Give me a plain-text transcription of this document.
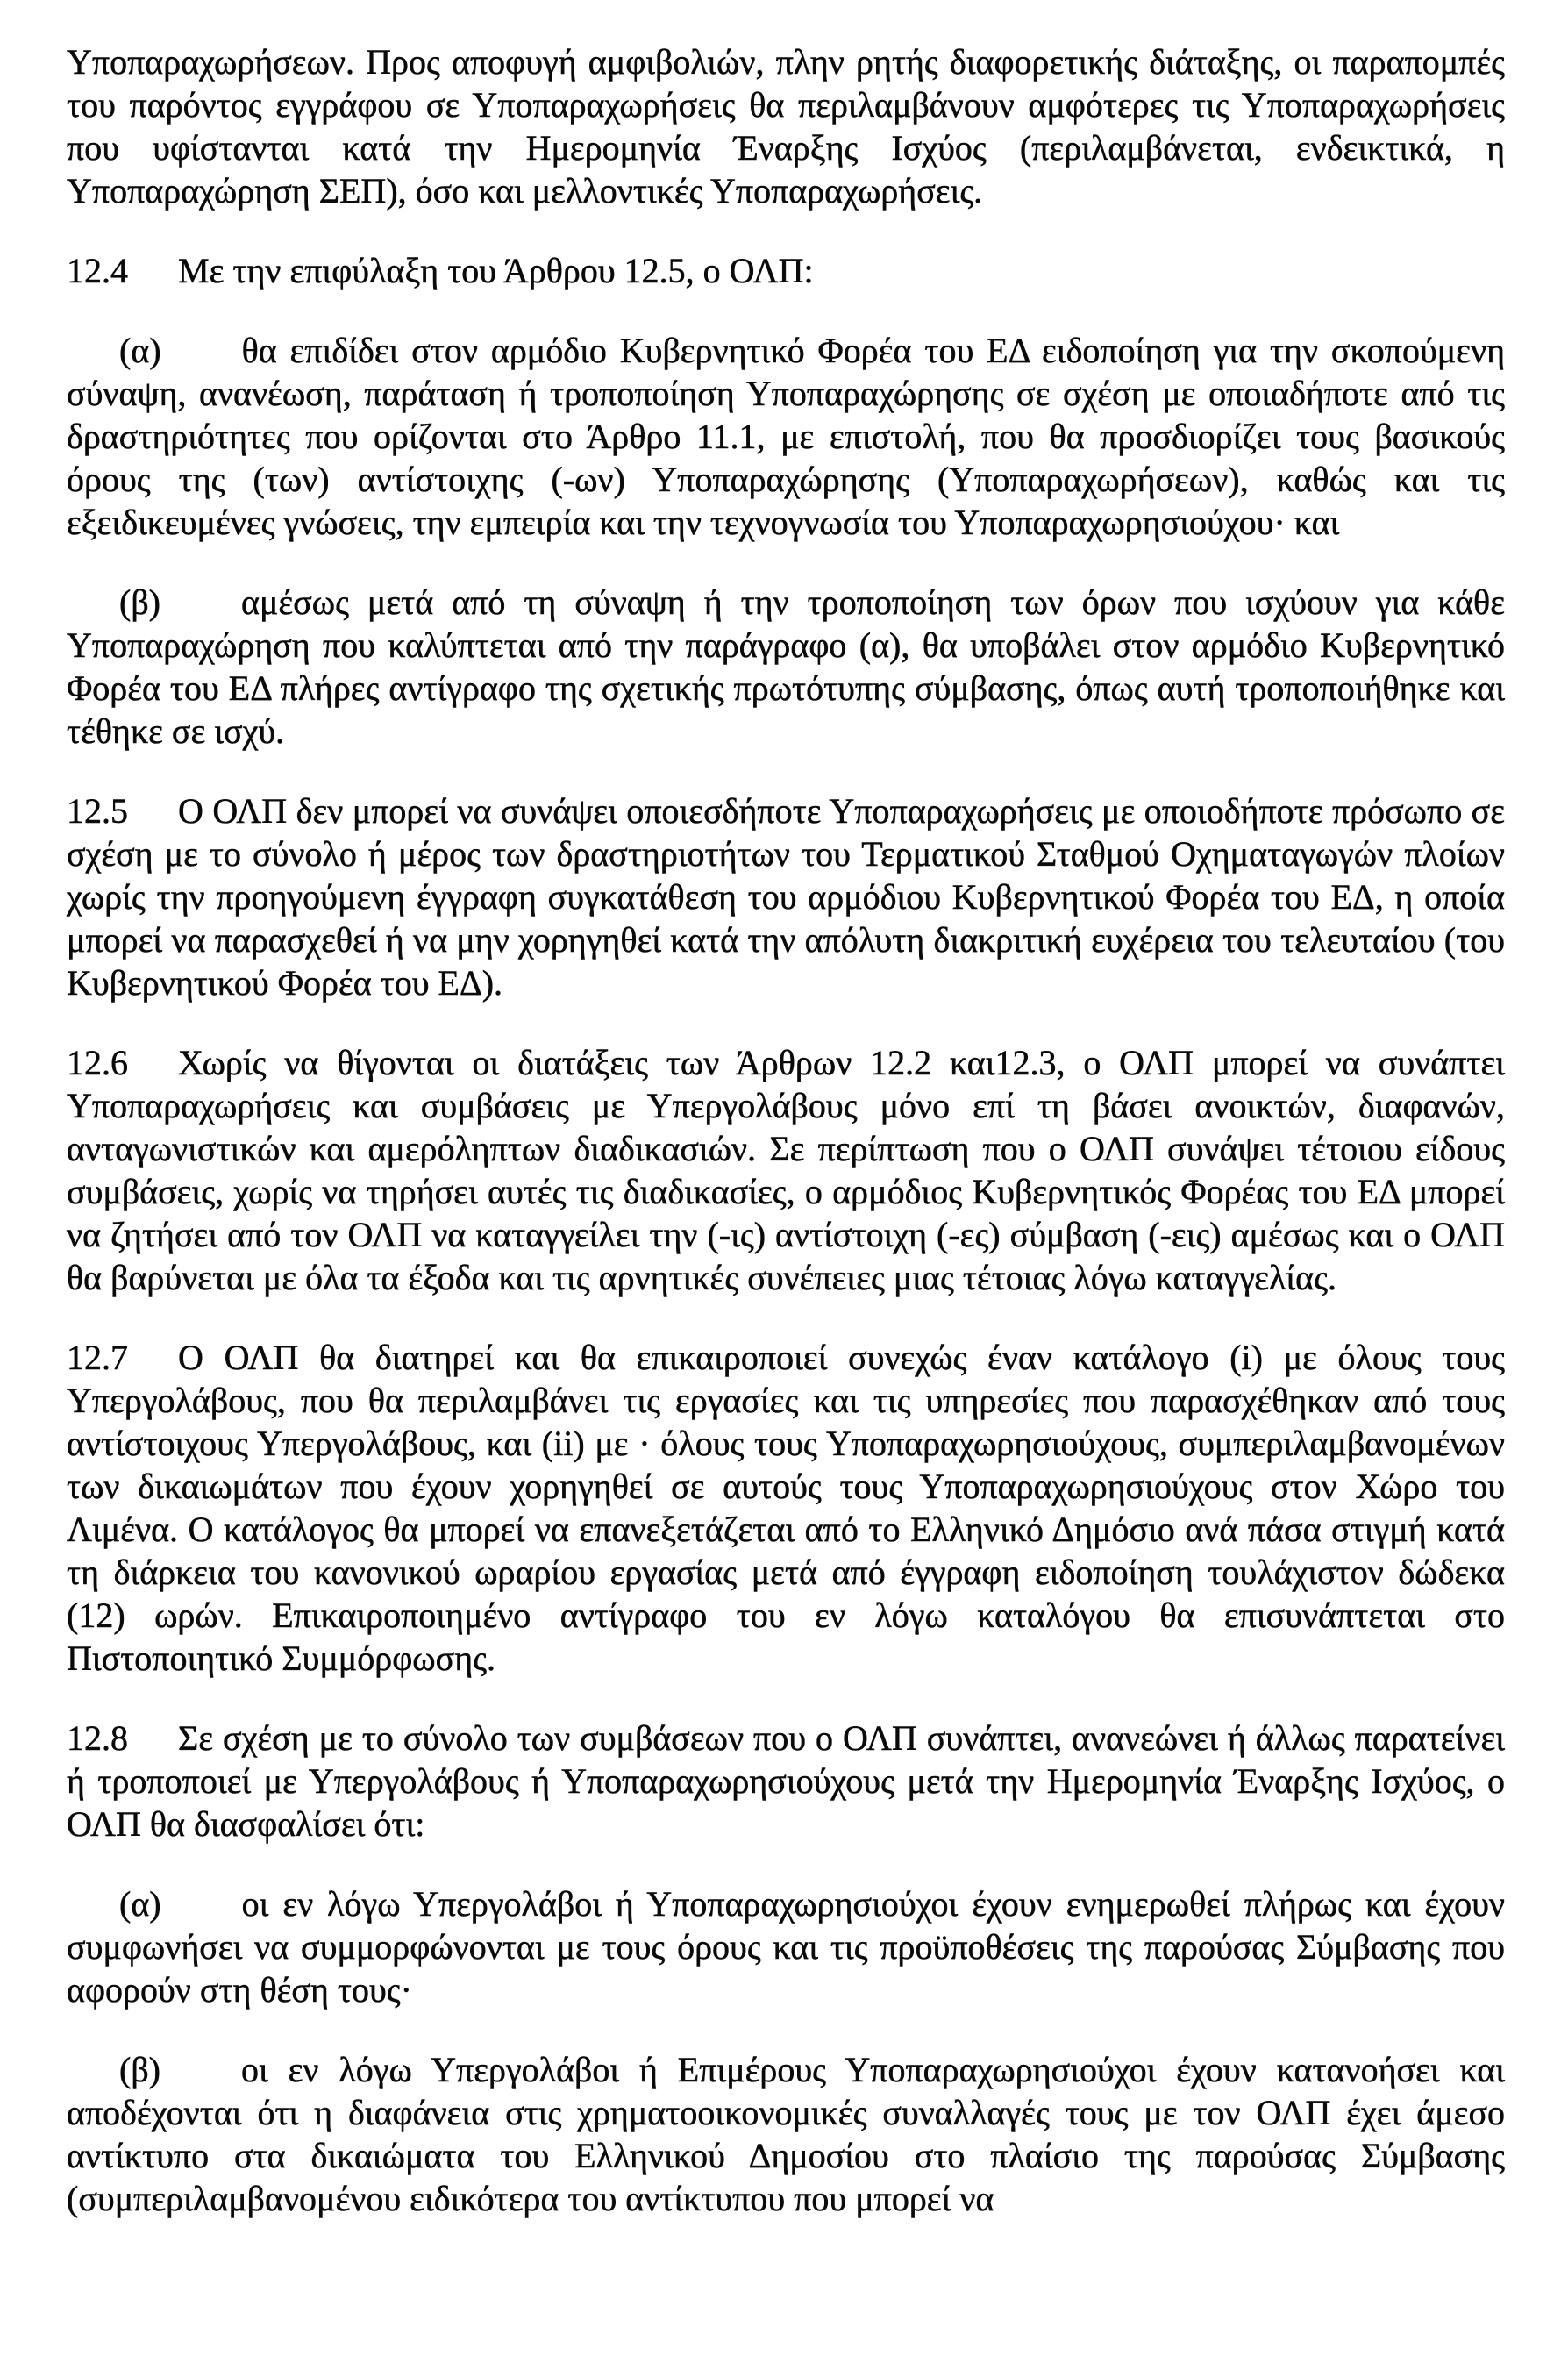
Υποπαραχωρήσεων. Προς αποφυγή αμφιβολιών, πλην ρητής διαφορετικής διάταξης, οι παραπομπές του παρόντος εγγράφου σε Υποπαραχωρήσεις θα περιλαμβάνουν αμφότερες τις Υποπαραχωρήσεις που υφίστανται κατά την Ημερομηνία Έναρξης Ισχύος (περιλαμβάνεται, ενδεικτικά, η Υποπαραχώρηση ΣΕΠ), όσο και μελλοντικές Υποπαραχωρήσεις.

12.4 Με την επιφύλαξη του Άρθρου 12.5, ο ΟΛΠ:

(α) θα επιδίδει στον αρμόδιο Κυβερνητικό Φορέα του ΕΔ ειδοποίηση για την σκοπούμενη σύναψη, ανανέωση, παράταση ή τροποποίηση Υποπαραχώρησης σε σχέση με οποιαδήποτε από τις δραστηριότητες που ορίζονται στο Άρθρο 11.1, με επιστολή, που θα προσδιορίζει τους βασικούς όρους της (των) αντίστοιχης (-ων) Υποπαραχώρησης (Υποπαραχωρήσεων), καθώς και τις εξειδικευμένες γνώσεις, την εμπειρία και την τεχνογνωσία του Υποπαραχωρησιούχου· και

(β) αμέσως μετά από τη σύναψη ή την τροποποίηση των όρων που ισχύουν για κάθε Υποπαραχώρηση που καλύπτεται από την παράγραφο (α), θα υποβάλει στον αρμόδιο Κυβερνητικό Φορέα του ΕΔ πλήρες αντίγραφο της σχετικής πρωτότυπης σύμβασης, όπως αυτή τροποποιήθηκε και τέθηκε σε ισχύ.

12.5 Ο ΟΛΠ δεν μπορεί να συνάψει οποιεσδήποτε Υποπαραχωρήσεις με οποιοδήποτε πρόσωπο σε σχέση με το σύνολο ή μέρος των δραστηριοτήτων του Τερματικού Σταθμού Οχηματαγωγών πλοίων χωρίς την προηγούμενη έγγραφη συγκατάθεση του αρμόδιου Κυβερνητικού Φορέα του ΕΔ, η οποία μπορεί να παρασχεθεί ή να μην χορηγηθεί κατά την απόλυτη διακριτική ευχέρεια του τελευταίου (του Κυβερνητικού Φορέα του ΕΔ).

12.6 Χωρίς να θίγονται οι διατάξεις των Άρθρων 12.2 και12.3, ο ΟΛΠ μπορεί να συνάπτει Υποπαραχωρήσεις και συμβάσεις με Υπεργολάβους μόνο επί τη βάσει ανοικτών, διαφανών, ανταγωνιστικών και αμερόληπτων διαδικασιών. Σε περίπτωση που ο ΟΛΠ συνάψει τέτοιου είδους συμβάσεις, χωρίς να τηρήσει αυτές τις διαδικασίες, ο αρμόδιος Κυβερνητικός Φορέας του ΕΔ μπορεί να ζητήσει από τον ΟΛΠ να καταγγείλει την (-ις) αντίστοιχη (-ες) σύμβαση (-εις) αμέσως και ο ΟΛΠ θα βαρύνεται με όλα τα έξοδα και τις αρνητικές συνέπειες μιας τέτοιας λόγω καταγγελίας.

12.7 Ο ΟΛΠ θα διατηρεί και θα επικαιροποιεί συνεχώς έναν κατάλογο (i) με όλους τους Υπεργολάβους, που θα περιλαμβάνει τις εργασίες και τις υπηρεσίες που παρασχέθηκαν από τους αντίστοιχους Υπεργολάβους, και (ii) με · όλους τους Υποπαραχωρησιούχους, συμπεριλαμβανομένων των δικαιωμάτων που έχουν χορηγηθεί σε αυτούς τους Υποπαραχωρησιούχους στον Χώρο του Λιμένα. Ο κατάλογος θα μπορεί να επανεξετάζεται από το Ελληνικό Δημόσιο ανά πάσα στιγμή κατά τη διάρκεια του κανονικού ωραρίου εργασίας μετά από έγγραφη ειδοποίηση τουλάχιστον δώδεκα (12) ωρών. Επικαιροποιημένο αντίγραφο του εν λόγω καταλόγου θα επισυνάπτεται στο Πιστοποιητικό Συμμόρφωσης.

12.8 Σε σχέση με το σύνολο των συμβάσεων που ο ΟΛΠ συνάπτει, ανανεώνει ή άλλως παρατείνει ή τροποποιεί με Υπεργολάβους ή Υποπαραχωρησιούχους μετά την Ημερομηνία Έναρξης Ισχύος, ο ΟΛΠ θα διασφαλίσει ότι:

(α) οι εν λόγω Υπεργολάβοι ή Υποπαραχωρησιούχοι έχουν ενημερωθεί πλήρως και έχουν συμφωνήσει να συμμορφώνονται με τους όρους και τις προϋποθέσεις της παρούσας Σύμβασης που αφορούν στη θέση τους·

(β) οι εν λόγω Υπεργολάβοι ή Επιμέρους Υποπαραχωρησιούχοι έχουν κατανοήσει και αποδέχονται ότι η διαφάνεια στις χρηματοοικονομικές συναλλαγές τους με τον ΟΛΠ έχει άμεσο αντίκτυπο στα δικαιώματα του Ελληνικού Δημοσίου στο πλαίσιο της παρούσας Σύμβασης (συμπεριλαμβανομένου ειδικότερα του αντίκτυπου που μπορεί να
